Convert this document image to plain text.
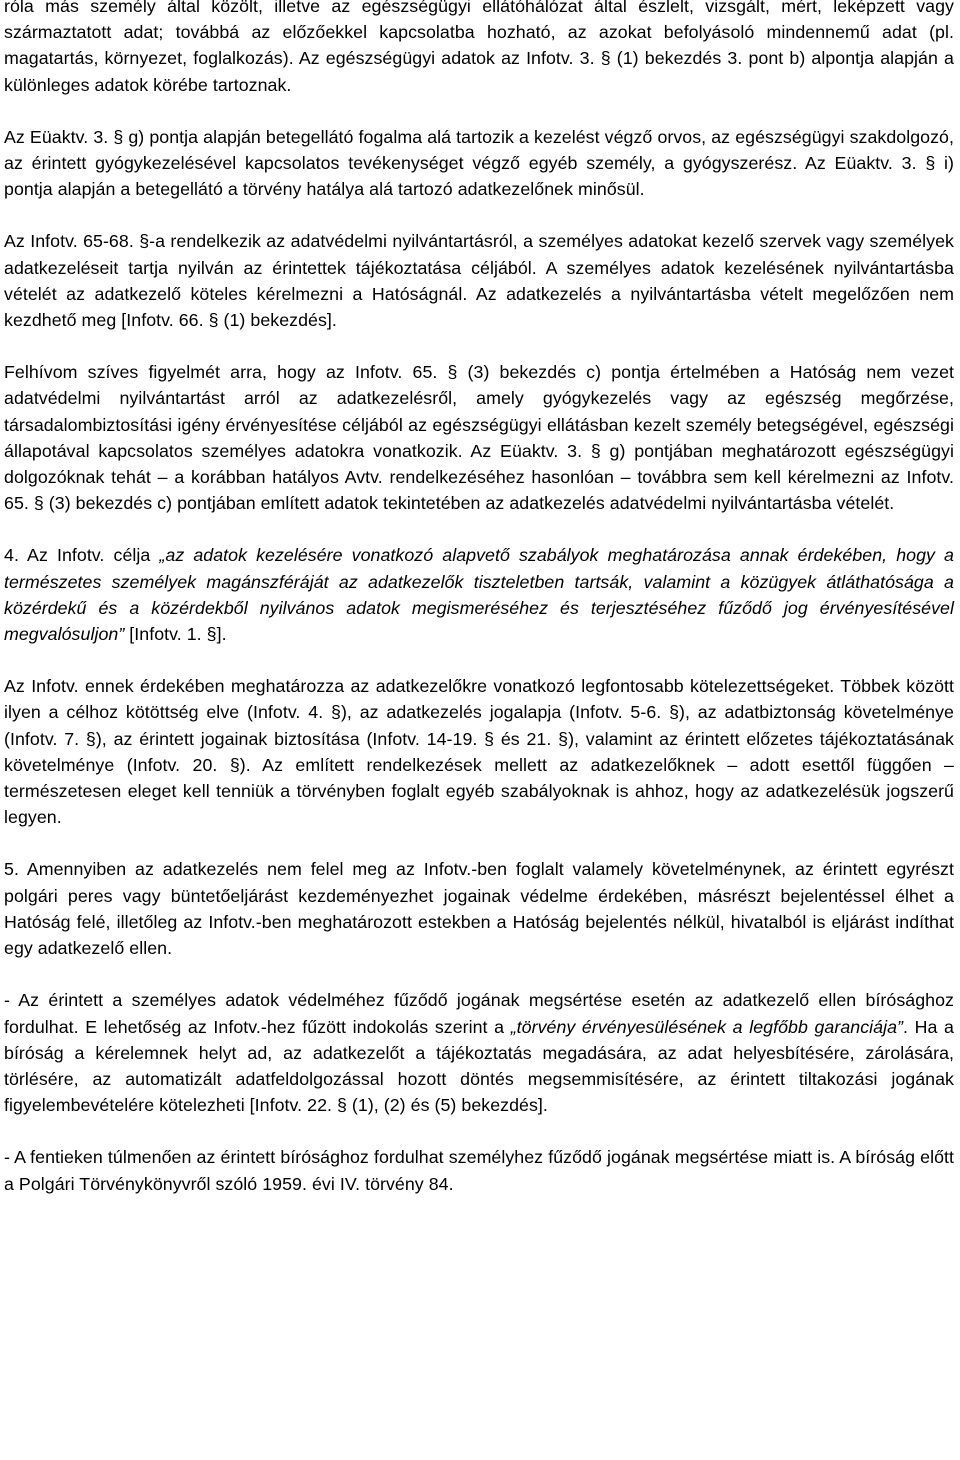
róla más személy által közölt, illetve az egészségügyi ellátóhálózat által észlelt, vizsgált, mért, leképzett vagy származtatott adat; továbbá az előzőekkel kapcsolatba hozható, az azokat befolyásoló mindennemű adat (pl. magatartás, környezet, foglalkozás). Az egészségügyi adatok az Infotv. 3. § (1) bekezdés 3. pont b) alpontja alapján a különleges adatok körébe tartoznak.

Az Eüaktv. 3. § g) pontja alapján betegellátó fogalma alá tartozik a kezelést végző orvos, az egészségügyi szakdolgozó, az érintett gyógykezelésével kapcsolatos tevékenységet végző egyéb személy, a gyógyszerész. Az Eüaktv. 3. § i) pontja alapján a betegellátó a törvény hatálya alá tartozó adatkezelőnek minősül.

Az Infotv. 65-68. §-a rendelkezik az adatvédelmi nyilvántartásról, a személyes adatokat kezelő szervek vagy személyek adatkezeléseit tartja nyilván az érintettek tájékoztatása céljából. A személyes adatok kezelésének nyilvántartásba vételét az adatkezelő köteles kérelmezni a Hatóságnál. Az adatkezelés a nyilvántartásba vételt megelőzően nem kezdhető meg [Infotv. 66. § (1) bekezdés].

Felhívom szíves figyelmét arra, hogy az Infotv. 65. § (3) bekezdés c) pontja értelmében a Hatóság nem vezet adatvédelmi nyilvántartást arról az adatkezelésről, amely gyógykezelés vagy az egészség megőrzése, társadalombiztosítási igény érvényesítése céljából az egészségügyi ellátásban kezelt személy betegségével, egészségi állapotával kapcsolatos személyes adatokra vonatkozik. Az Eüaktv. 3. § g) pontjában meghatározott egészségügyi dolgozóknak tehát – a korábban hatályos Avtv. rendelkezéséhez hasonlóan – továbbra sem kell kérelmezni az Infotv. 65. § (3) bekezdés c) pontjában említett adatok tekintetében az adatkezelés adatvédelmi nyilvántartásba vételét.

4. Az Infotv. célja „az adatok kezelésére vonatkozó alapvető szabályok meghatározása annak érdekében, hogy a természetes személyek magánszféráját az adatkezelők tiszteletben tartsák, valamint a közügyek átláthatósága a közérdekű és a közérdekből nyilvános adatok megismeréséhez és terjesztéséhez fűződő jog érvényesítésével megvalósuljon” [Infotv. 1. §].

Az Infotv. ennek érdekében meghatározza az adatkezelőkre vonatkozó legfontosabb kötelezettségeket. Többek között ilyen a célhoz kötöttség elve (Infotv. 4. §), az adatkezelés jogalapja (Infotv. 5-6. §), az adatbiztonság követelménye (Infotv. 7. §), az érintett jogainak biztosítása (Infotv. 14-19. § és 21. §), valamint az érintett előzetes tájékoztatásának követelménye (Infotv. 20. §). Az említett rendelkezések mellett az adatkezelőknek – adott esettől függően – természetesen eleget kell tenniük a törvényben foglalt egyéb szabályoknak is ahhoz, hogy az adatkezelésük jogszerű legyen.

5. Amennyiben az adatkezelés nem felel meg az Infotv.-ben foglalt valamely követelménynek, az érintett egyrészt polgári peres vagy büntetőeljárást kezdeményezhet jogainak védelme érdekében, másrészt bejelentéssel élhet a Hatóság felé, illetőleg az Infotv.-ben meghatározott estekben a Hatóság bejelentés nélkül, hivatalból is eljárást indíthat egy adatkezelő ellen.

- Az érintett a személyes adatok védelméhez fűződő jogának megsértése esetén az adatkezelő ellen bírósághoz fordulhat. E lehetőség az Infotv.-hez fűzött indokolás szerint a „törvény érvényesülésének a legfőbb garanciája”. Ha a bíróság a kérelemnek helyt ad, az adatkezelőt a tájékoztatás megadására, az adat helyesbítésére, zárolására, törlésére, az automatizált adatfeldolgozással hozott döntés megsemmisítésére, az érintett tiltakozási jogának figyelembevételére kötelezheti [Infotv. 22. § (1), (2) és (5) bekezdés].

- A fentieken túlmenően az érintett bírósághoz fordulhat személyhez fűződő jogának megsértése miatt is. A bíróság előtt a Polgári Törvénykönyvről szóló 1959. évi IV. törvény 84.
